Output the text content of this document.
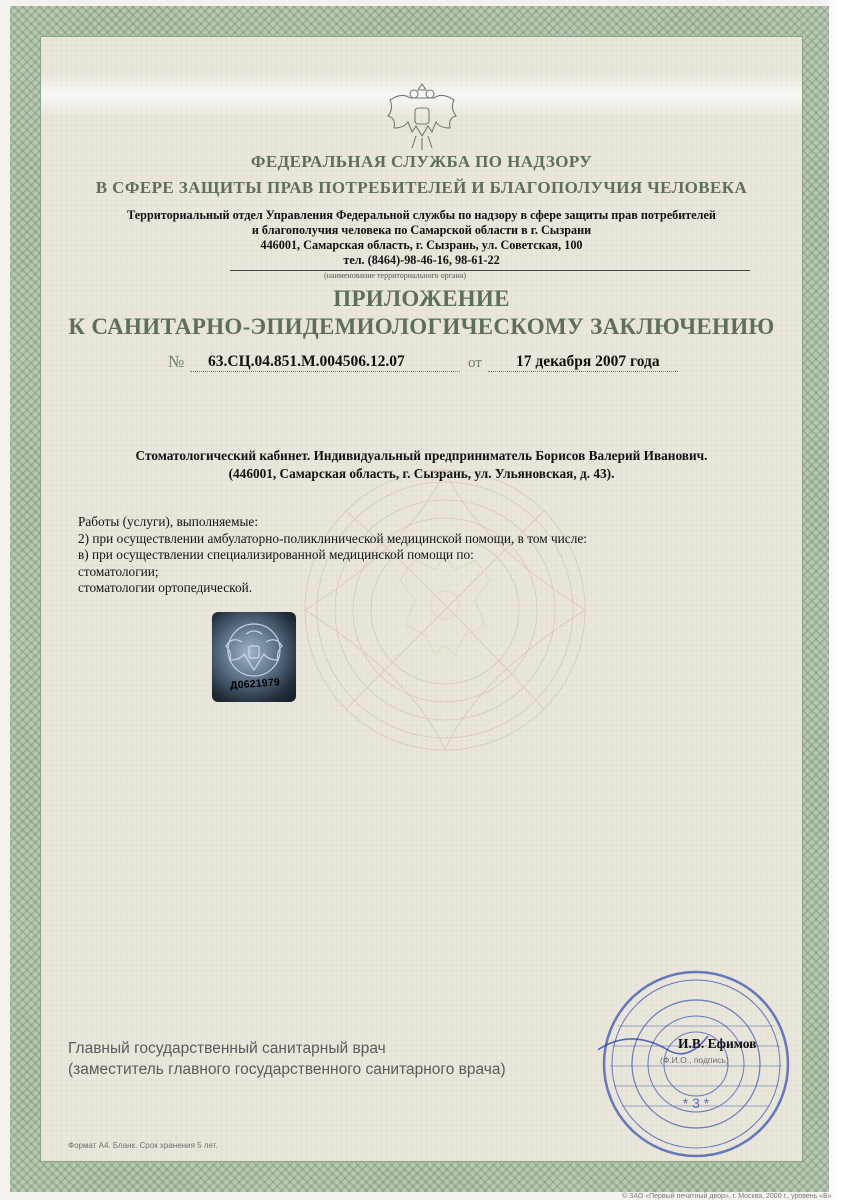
ФЕДЕРАЛЬНАЯ СЛУЖБА ПО НАДЗОРУ
В СФЕРЕ ЗАЩИТЫ ПРАВ ПОТРЕБИТЕЛЕЙ И БЛАГОПОЛУЧИЯ ЧЕЛОВЕКА
Территориальный отдел Управления Федеральной службы по надзору в сфере защиты прав потребителей
и благополучия человека по Самарской области в г. Сызрани
446001, Самарская область, г. Сызрань, ул. Советская, 100
тел. (8464)-98-46-16, 98-61-22
(наименование территориального органа)
ПРИЛОЖЕНИЕ
К САНИТАРНО-ЭПИДЕМИОЛОГИЧЕСКОМУ ЗАКЛЮЧЕНИЮ
№ 63.СЦ.04.851.М.004506.12.07	от 17 декабря 2007 года
Стоматологический кабинет. Индивидуальный предприниматель Борисов Валерий Иванович.
(446001, Самарская область, г. Сызрань, ул. Ульяновская, д. 43).
Работы (услуги), выполняемые:
2) при осуществлении амбулаторно-поликлинической медицинской помощи, в том числе:
в) при осуществлении специализированной медицинской помощи по:
стоматологии;
стоматологии ортопедической.
Д0621979
Главный государственный санитарный врач
(заместитель главного государственного санитарного врача)
* 3 *
И.В. Ефимов
(Ф.И.О., подпись)
Формат А4. Бланк. Срок хранения 5 лет.
© ЗАО «Первый печатный двор», г. Москва, 2000 г., уровень «Б»
